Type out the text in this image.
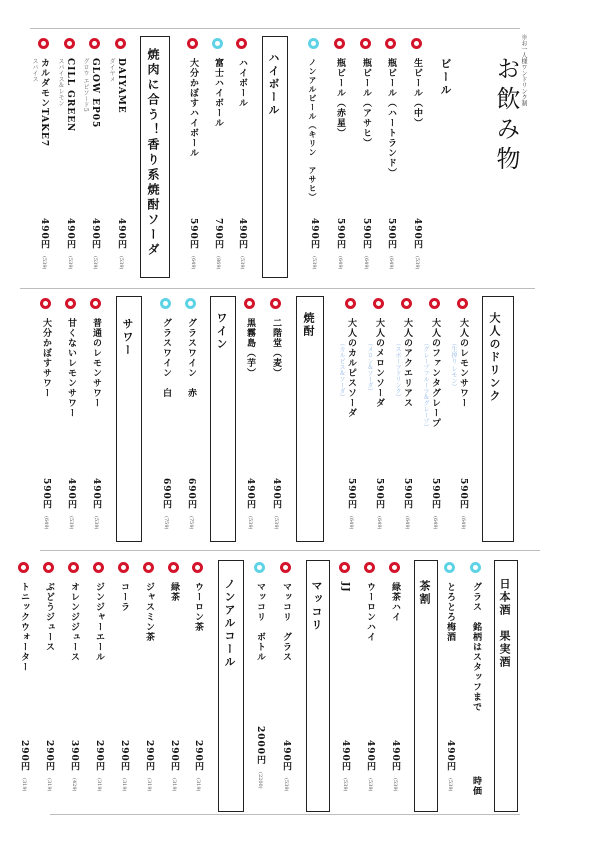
お飲み物 ※お一人様ワンドリンク制
ビール
生ビール（中）
490円
(539)
瓶ビール（ハートランド）
590円
(649)
瓶ビール（アサヒ）
590円
(649)
瓶ビール（赤星）
590円
(649)
ノンアルビール（キリン　アサヒ）
490円
(539)
ハイボール
ハイボール
490円
(539)
富士ハイボール
790円
(869)
大分かぼすハイボール
590円
(649)
焼肉に合う！香り系焼酎ソーダ
DAIYAME
ダイヤメ
490円
(539)
GLOW EP05
グロウ エピソード5
490円
(539)
CILL GREEN
スパイス＆レモン
490円
(539)
カルダモンTAKE7
スパイス
490円
(539)
大人のドリンク
大人のレモンサワー
（生搾り レモン）
590円
(649)
大人のファンタグレープ
（グレープフルーツ＆グレープ）
590円
(649)
大人のアクエリアス
（スポーツドリンク）
590円
(649)
大人のメロンソーダ
（メロン＆ソーダ）
590円
(649)
大人のカルピスソーダ
（カルピス＆ソーダ）
590円
(649)
焼酎
二階堂（麦）
490円
(539)
黒霧島（芋）
490円
(539)
ワイン
グラスワイン　赤
690円
(759)
グラスワイン　白
690円
(759)
サワー
普通のレモンサワー
490円
(539)
甘くないレモンサワー
490円
(539)
大分かぼすサワー
590円
(649)
日本酒　果実酒
グラス　銘柄はスタッフまで
時価
とろとろ梅酒
490円
(539)
茶割
緑茶ハイ
490円
(539)
ウーロンハイ
490円
(539)
JJ
490円
(539)
マッコリ
マッコリ　グラス
490円
(539)
マッコリ　ボトル
2000円
(2200)
ノンアルコール
ウーロン茶
290円
(319)
緑茶
290円
(319)
ジャスミン茶
290円
(319)
コーラ
290円
(319)
ジンジャーエール
290円
(319)
オレンジジュース
390円
(429)
ぶどうジュース
290円
(319)
トニックウォーター
290円
(319)
